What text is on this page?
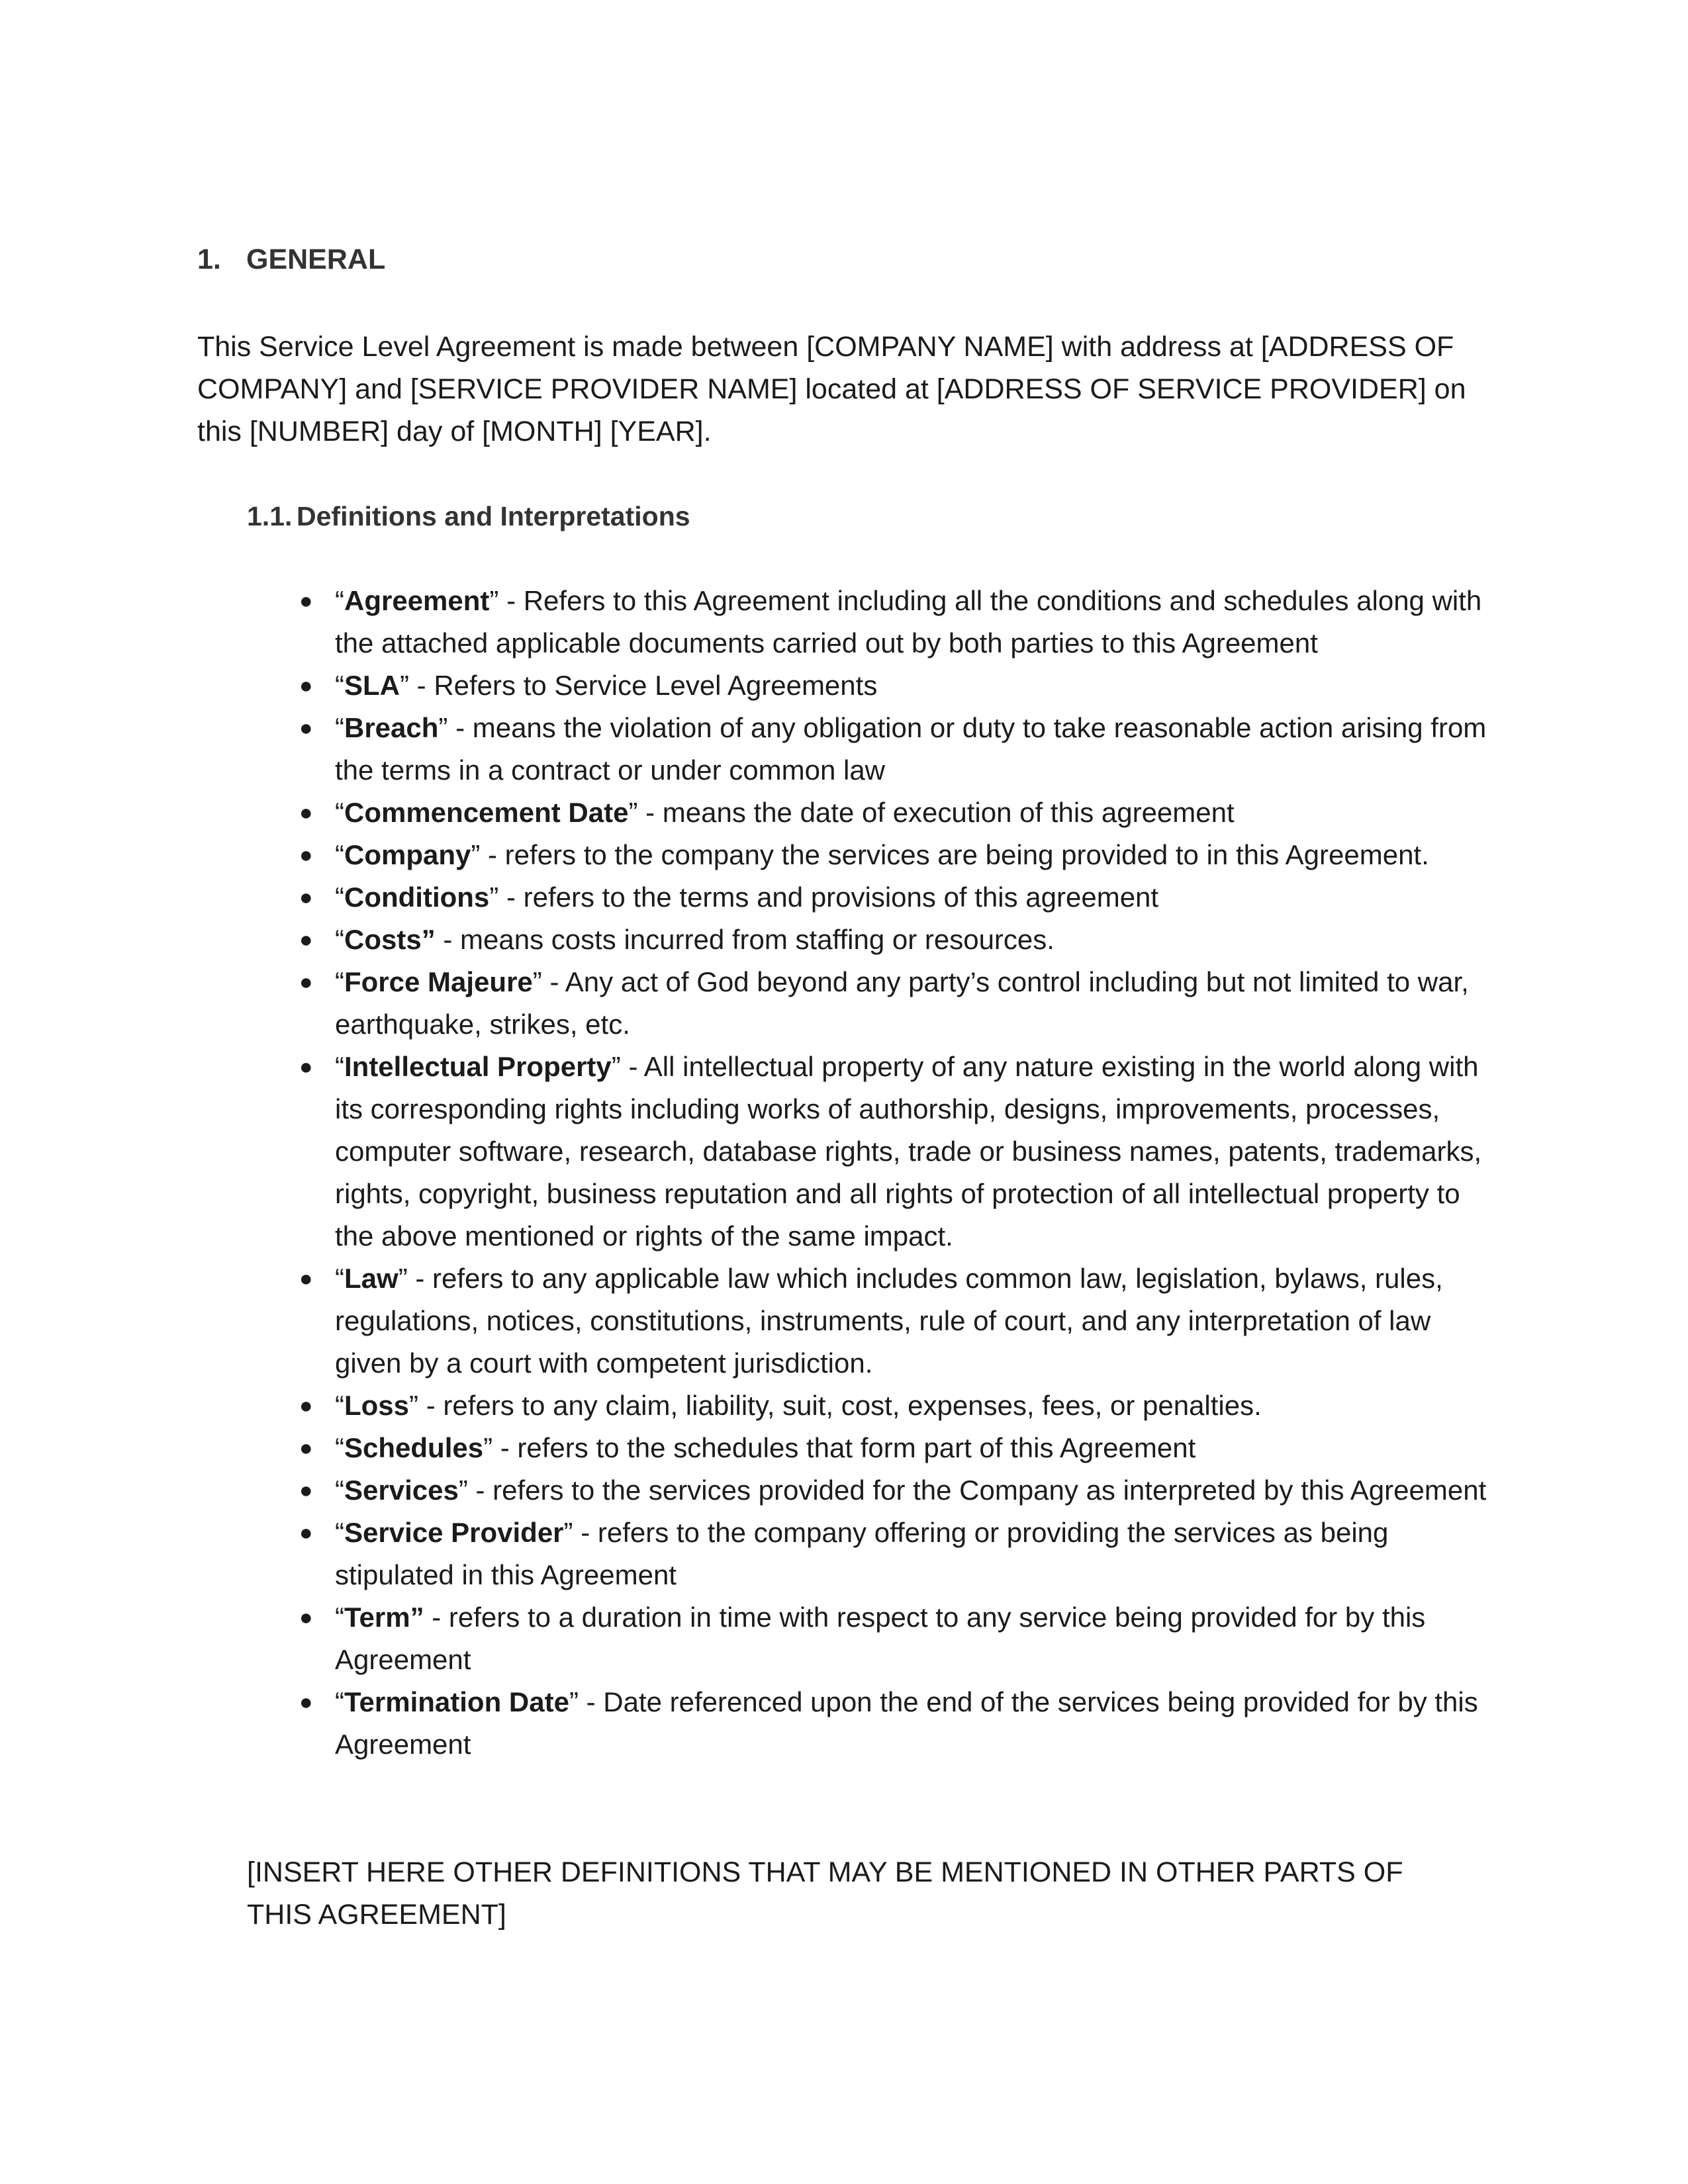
1. GENERAL

This Service Level Agreement is made between [COMPANY NAME] with address at [ADDRESS OF COMPANY] and [SERVICE PROVIDER NAME] located at [ADDRESS OF SERVICE PROVIDER] on this [NUMBER] day of [MONTH] [YEAR].

1.1. Definitions and Interpretations
● “Agreement” - Refers to this Agreement including all the conditions and schedules along with the attached applicable documents carried out by both parties to this Agreement
● “SLA” - Refers to Service Level Agreements
● “Breach” - means the violation of any obligation or duty to take reasonable action arising from the terms in a contract or under common law
● “Commencement Date” - means the date of execution of this agreement
● “Company” - refers to the company the services are being provided to in this Agreement.
● “Conditions” - refers to the terms and provisions of this agreement
● “Costs” - means costs incurred from staffing or resources.
● “Force Majeure” - Any act of God beyond any party’s control including but not limited to war, earthquake, strikes, etc.
● “Intellectual Property” - All intellectual property of any nature existing in the world along with its corresponding rights including works of authorship, designs, improvements, processes, computer software, research, database rights, trade or business names, patents, trademarks, rights, copyright, business reputation and all rights of protection of all intellectual property to the above mentioned or rights of the same impact.
● “Law” - refers to any applicable law which includes common law, legislation, bylaws, rules, regulations, notices, constitutions, instruments, rule of court, and any interpretation of law given by a court with competent jurisdiction.
● “Loss” - refers to any claim, liability, suit, cost, expenses, fees, or penalties.
● “Schedules” - refers to the schedules that form part of this Agreement
● “Services” - refers to the services provided for the Company as interpreted by this Agreement
● “Service Provider” - refers to the company offering or providing the services as being stipulated in this Agreement
● “Term” - refers to a duration in time with respect to any service being provided for by this Agreement
● “Termination Date” - Date referenced upon the end of the services being provided for by this Agreement

[INSERT HERE OTHER DEFINITIONS THAT MAY BE MENTIONED IN OTHER PARTS OF THIS AGREEMENT]
